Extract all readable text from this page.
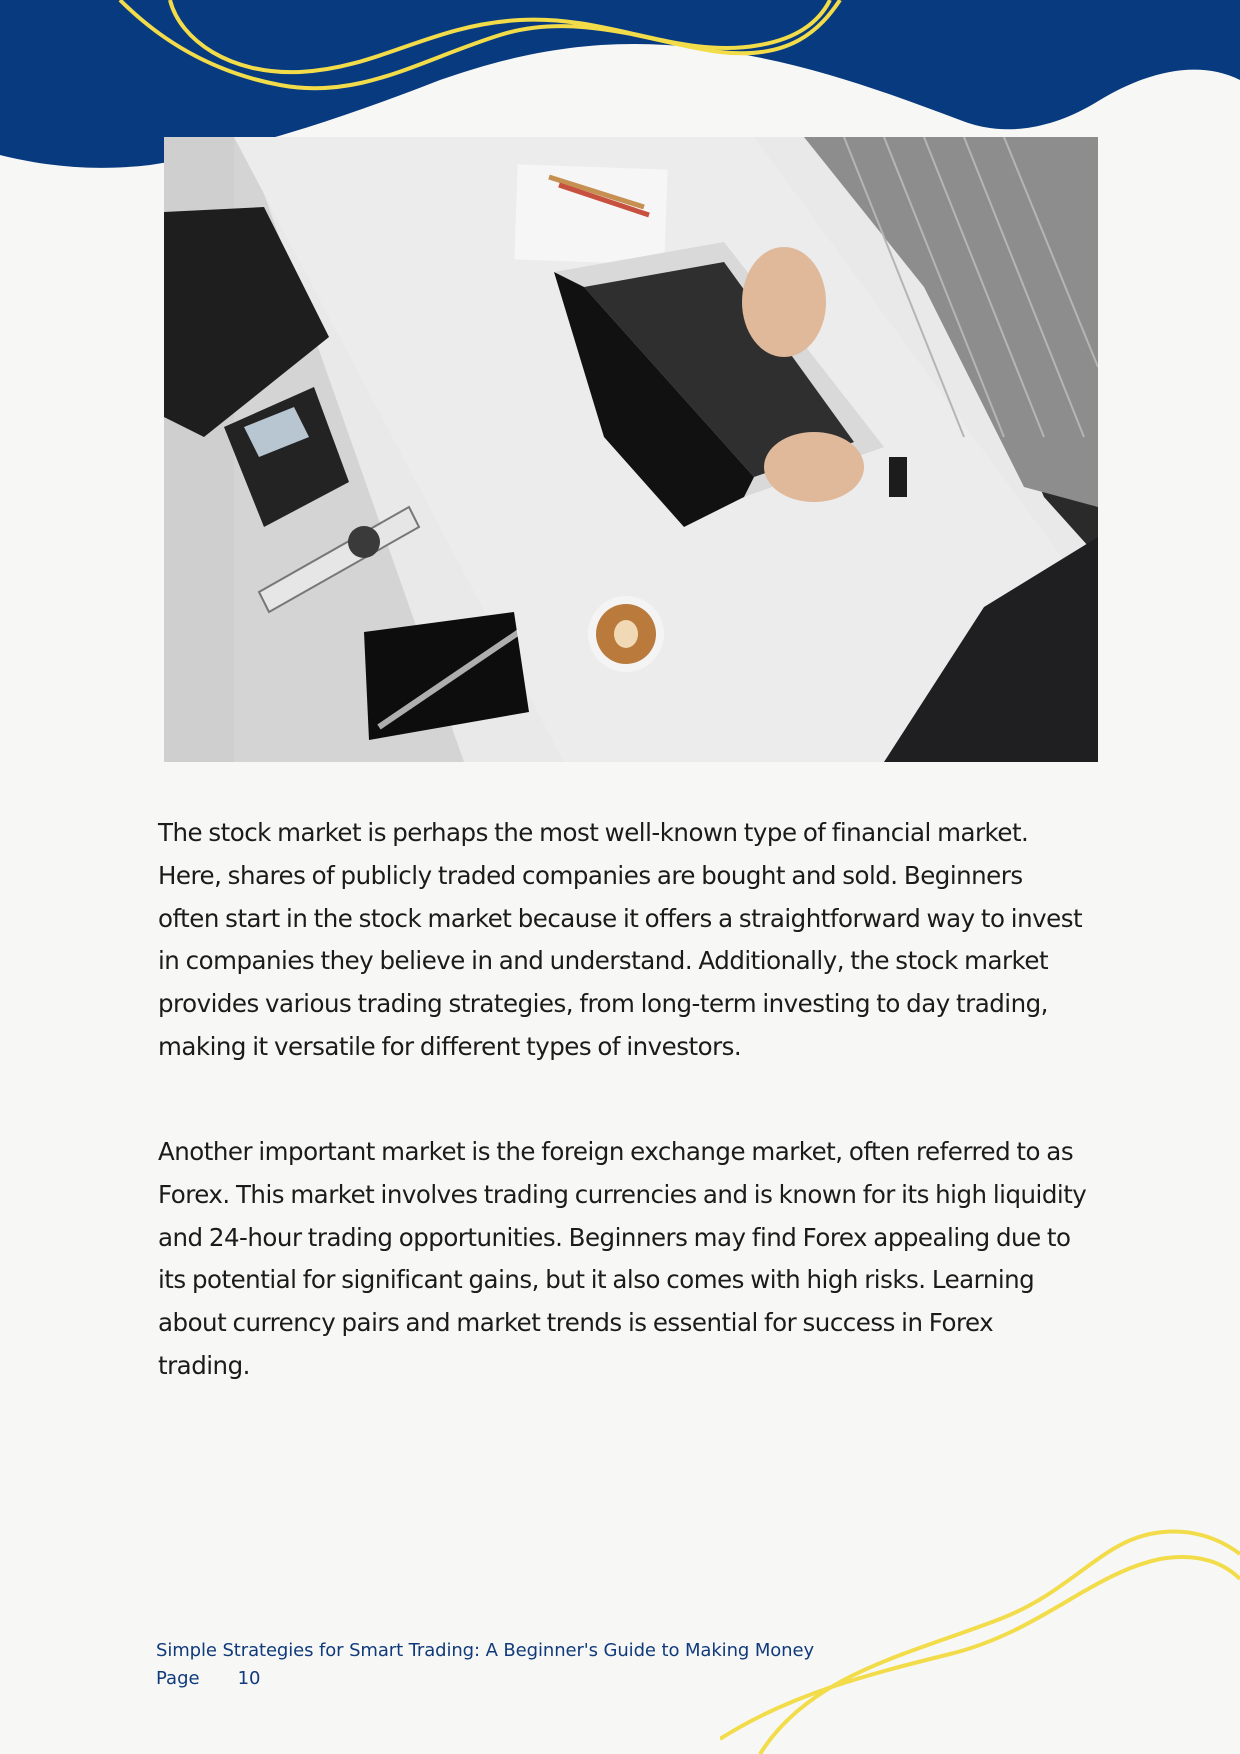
The stock market is perhaps the most well-known type of financial market. Here, shares of publicly traded companies are bought and sold. Beginners often start in the stock market because it offers a straightforward way to invest in companies they believe in and understand. Additionally, the stock market provides various trading strategies, from long-term investing to day trading, making it versatile for different types of investors.

Another important market is the foreign exchange market, often referred to as Forex. This market involves trading currencies and is known for its high liquidity and 24-hour trading opportunities. Beginners may find Forex appealing due to its potential for significant gains, but it also comes with high risks. Learning about currency pairs and market trends is essential for success in Forex trading.

Simple Strategies for Smart Trading: A Beginner's Guide to Making Money
Page 10
